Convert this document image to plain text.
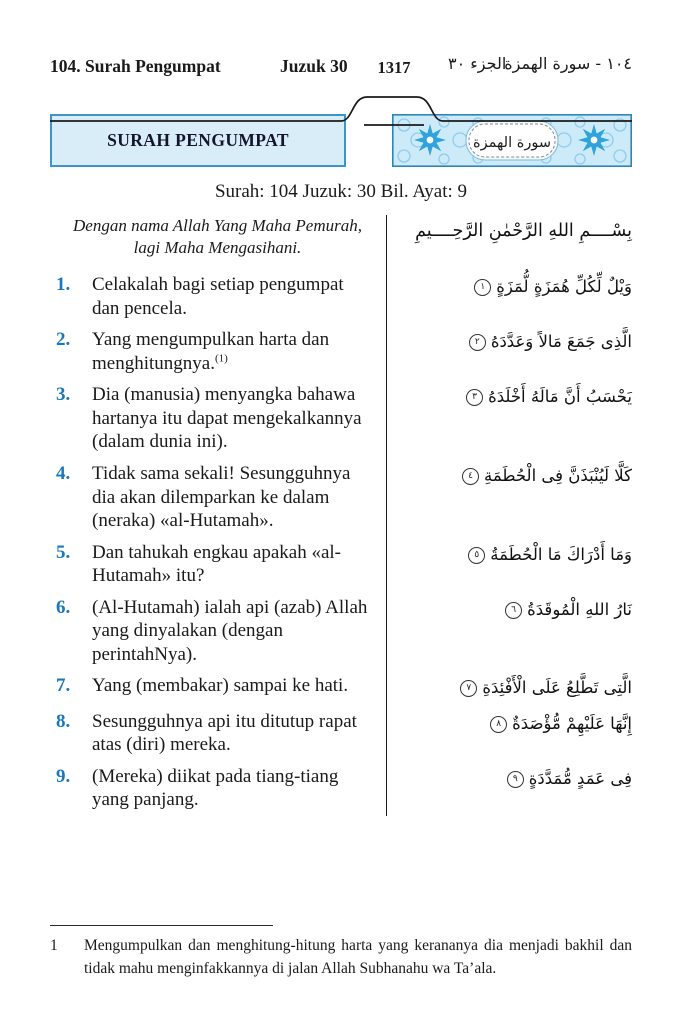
104. Surah Pengumpat	Juzuk 30	1317	الجزء ٣٠
١٠٤ - سورة الهمزة
SURAH PENGUMPAT	سورة الهمزة
Surah: 104 Juzuk: 30 Bil. Ayat: 9
Dengan nama Allah Yang Maha Pemurah, lagi Maha Mengasihani.
بِسْــــمِ اللهِ الرَّحْمٰنِ الرَّحِــــيمِ
1.	Celakalah bagi setiap pengumpat dan pencela.
وَيْلٌ لِّكُلِّ هُمَزَةٍ لُّمَزَةٍ١
2.	Yang mengumpulkan harta dan menghitungnya.$^{(1)}$
الَّذِى جَمَعَ مَالاً وَعَدَّدَهُ٢
3.	Dia (manusia) menyangka bahawa hartanya itu dapat mengekalkannya (dalam dunia ini).
يَحْسَبُ أَنَّ مَالَهُ أَخْلَدَهُ٣
4.	Tidak sama sekali! Sesungguhnya dia akan dilemparkan ke dalam (neraka) «al-Hutamah».
كَلَّا لَيُنْبَذَنَّ فِى الْحُطَمَةِ٤
5.	Dan tahukah engkau apakah «al-Hutamah» itu?
وَمَا أَدْرَاكَ مَا الْحُطَمَةُ٥
6.	(Al-Hutamah) ialah api (azab) Allah yang dinyalakan (dengan perintahNya).
نَارُ اللهِ الْمُوقَدَةُ٦
7.	Yang (membakar) sampai ke hati.	الَّتِى تَطَّلِعُ عَلَى الْأَفْئِدَةِ٧
8.	Sesungguhnya api itu ditutup rapat atas (diri) mereka.
إِنَّهَا عَلَيْهِمْ مُّؤْصَدَةٌ٨
9.	(Mereka) diikat pada tiang-tiang yang panjang.
فِى عَمَدٍ مُّمَدَّدَةٍ٩
1	Mengumpulkan dan menghitung-hitung harta yang kerananya dia menjadi bakhil dan tidak mahu menginfakkannya di jalan Allah Subhanahu wa Ta’ala.
